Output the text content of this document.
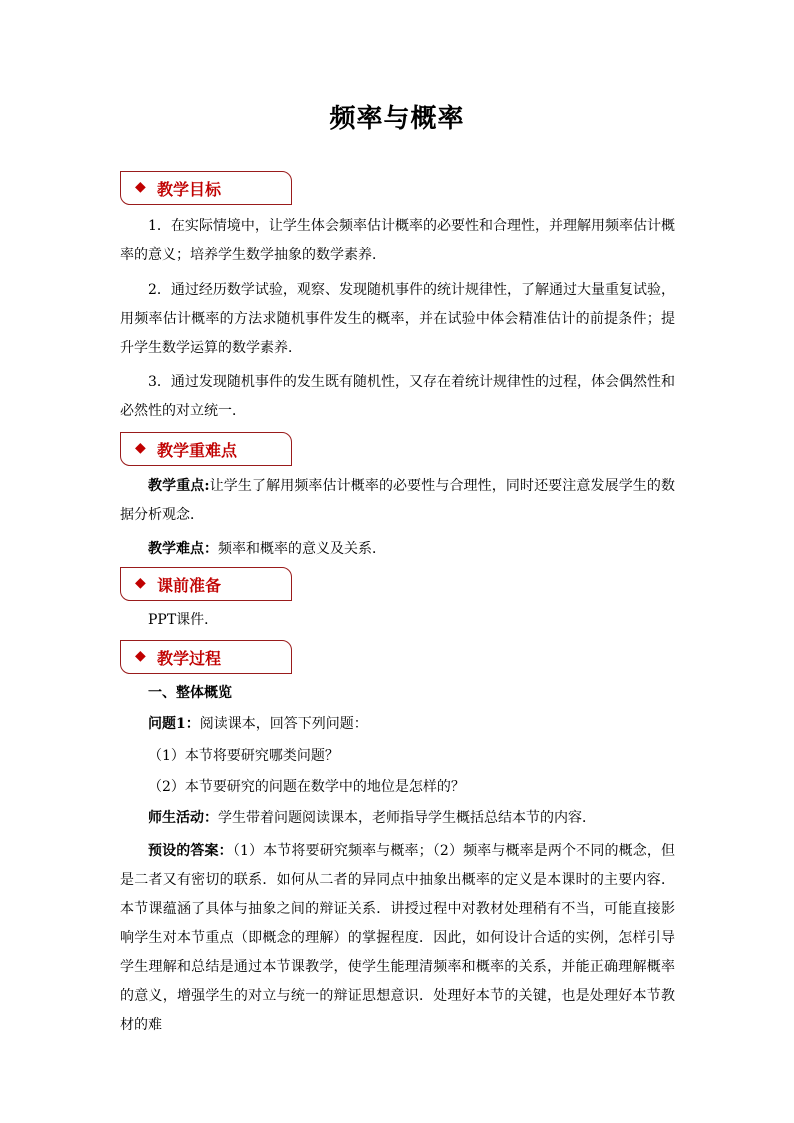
频率与概率
◆ 教学目标
1．在实际情境中，让学生体会频率估计概率的必要性和合理性，并理解用频率估计概率的意义；培养学生数学抽象的数学素养．
2．通过经历数学试验，观察、发现随机事件的统计规律性，了解通过大量重复试验，用频率估计概率的方法求随机事件发生的概率，并在试验中体会精准估计的前提条件；提升学生数学运算的数学素养．
3．通过发现随机事件的发生既有随机性，又存在着统计规律性的过程，体会偶然性和必然性的对立统一．
◆ 教学重难点
教学重点:让学生了解用频率估计概率的必要性与合理性，同时还要注意发展学生的数据分析观念．
教学难点：频率和概率的意义及关系．
◆ 课前准备
PPT课件．
◆ 教学过程
一、整体概览
问题1：阅读课本，回答下列问题：
（1）本节将要研究哪类问题？
（2）本节要研究的问题在数学中的地位是怎样的？
师生活动：学生带着问题阅读课本，老师指导学生概括总结本节的内容．
预设的答案：（1）本节将要研究频率与概率；（2）频率与概率是两个不同的概念，但是二者又有密切的联系．如何从二者的异同点中抽象出概率的定义是本课时的主要内容．本节课蕴涵了具体与抽象之间的辩证关系．讲授过程中对教材处理稍有不当，可能直接影响学生对本节重点（即概念的理解）的掌握程度．因此，如何设计合适的实例，怎样引导学生理解和总结是通过本节课教学，使学生能理清频率和概率的关系，并能正确理解概率的意义，增强学生的对立与统一的辩证思想意识．处理好本节的关键，也是处理好本节教材的难
